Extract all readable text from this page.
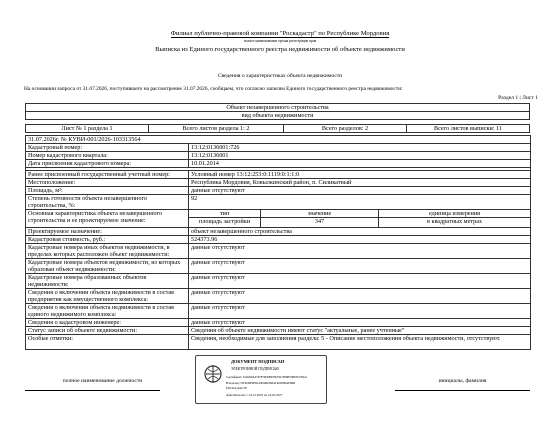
Филиал публично-правовой компании "Роскадастр" по Республике Мордовия
полное наименование органа регистрации прав
Выписка из Единого государственного реестра недвижимости об объекте недвижимости
Сведения о характеристиках объекта недвижимости
На основании запроса от 31.07.2026, поступившего на рассмотрение 31.07.2026, сообщаем, что согласно записям Единого государственного реестра недвижимости:
Раздел 1 | Лист 1
Объект незавершенного строительства
вид объекта недвижимости
Лист № 1 раздела 1	Всего листов раздела 1: 2	Всего разделов: 2	Всего листов выписки: 11
31.07.2026г. № КУВИ-001/2026-103313564			
Кадастровый номер:	13:12:0136001:726		
Номер кадастрового квартала:	13:12:0136001		
Дата присвоения кадастрового номера:	10.01.2014		

Ранее присвоенный государственный учетный номер:	Условный номер 13:12:253:0:1119:0:1:1:0		
Местоположение:	Республика Мордовия, Ковылкинский район, п. Силикатный		
Площадь, м²:	данные отсутствуют		
Степень готовности объекта незавершенного строительства, %:	92		
Основная характеристика объекта незавершенного строительства и ее проектируемое значение:	тип	значение	единица измерения
	площадь застройки	347	в квадратных метрах
Проектируемое назначение:	объект незавершенного строительства		
Кадастровая стоимость, руб.:	524373.96		
Кадастровые номера иных объектов недвижимости, в пределах которых расположен объект недвижимости:	данные отсутствуют		
Кадастровые номера объектов недвижимости, из которых образован объект недвижимости:	данные отсутствуют		
Кадастровые номера образованных объектов недвижимости:	данные отсутствуют		
Сведения о включении объекта недвижимости в состав предприятия как имущественного комплекса:	данные отсутствуют		
Сведения о включении объекта недвижимости в состав единого недвижимого комплекса:	данные отсутствуют		
Сведения о кадастровом инженере:	данные отсутствуют		
Статус записи об объекте недвижимости:	Сведения об объекте недвижимости имеют статус "актуальные, ранее учтенные"		
Особые отметки:	Сведения, необходимые для заполнения раздела: 5 - Описание местоположения объекта недвижимости, отсутствуют.		
полное наименование должности	инициалы, фамилия
ДОКУМЕНТ ПОДПИСАН
ЭЛЕКТРОННОЙ ПОДПИСЬЮ
Сертификат: 01495ФА0767879D0B933D7D1F66B53B05D78441
Владелец: ПУБЛИЧНО-ПРАВОВАЯ КОМПАНИЯ
РОСКАДАСТР
Действителен: с 24.12.2025 по 19.03.2027
